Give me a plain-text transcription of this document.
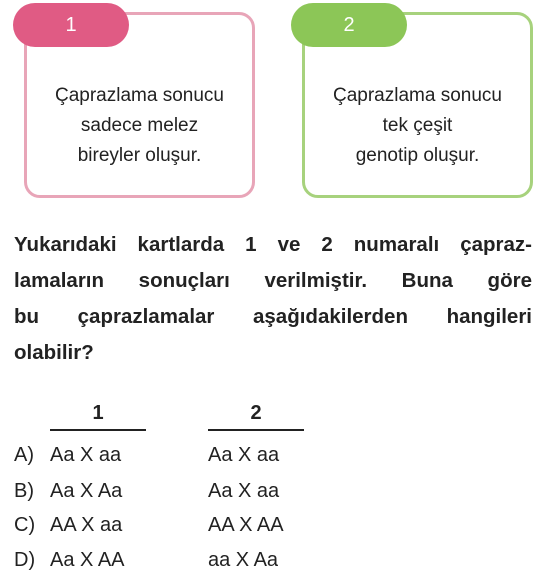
1
Çaprazlama sonucu
sadece melez
bireyler oluşur.
2
Çaprazlama sonucu
tek çeşit
genotip oluşur.
Yukarıdaki kartlarda 1 ve 2 numaralı çapraz-
lamaların sonuçları verilmiştir. Buna göre
bu çaprazlamalar aşağıdakilerden hangileri
olabilir?
1	2
A) Aa X aa	Aa X aa
B) Aa X Aa	Aa X aa
C) AA X aa	AA X AA
D) Aa X AA	aa X Aa
